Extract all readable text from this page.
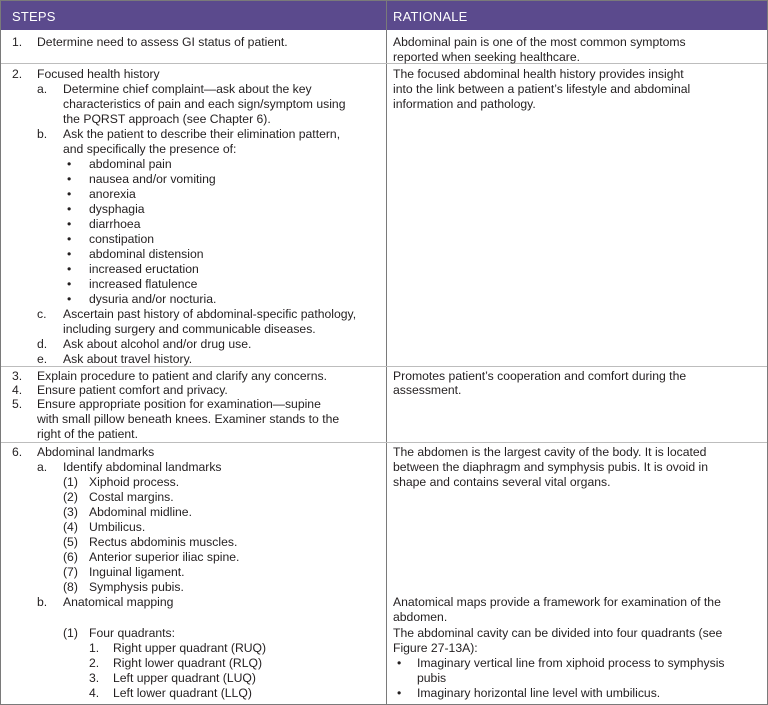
STEPS	RATIONALE
1. Determine need to assess GI status of patient.
2. Focused health history
a. Determine chief complaint—ask about the key
characteristics of pain and each sign/symptom using
the PQRST approach (see Chapter 6).
b. Ask the patient to describe their elimination pattern,
and specifically the presence of:
• abdominal pain
• nausea and/or vomiting
• anorexia
• dysphagia
• diarrhoea
• constipation
• abdominal distension
• increased eructation
• increased flatulence
• dysuria and/or nocturia.
c. Ascertain past history of abdominal-specific pathology,
including surgery and communicable diseases.
d. Ask about alcohol and/or drug use.
e. Ask about travel history.
3. Explain procedure to patient and clarify any concerns.
4. Ensure patient comfort and privacy.
5. Ensure appropriate position for examination—supine
with small pillow beneath knees. Examiner stands to the
right of the patient.
6. Abdominal landmarks
a. Identify abdominal landmarks
(1) Xiphoid process.
(2) Costal margins.
(3) Abdominal midline.
(4) Umbilicus.
(5) Rectus abdominis muscles.
(6) Anterior superior iliac spine.
(7) Inguinal ligament.
(8) Symphysis pubis.
b. Anatomical mapping
(1) Four quadrants:
1. Right upper quadrant (RUQ)
2. Right lower quadrant (RLQ)
3. Left upper quadrant (LUQ)
4. Left lower quadrant (LLQ)
Abdominal pain is one of the most common symptoms
reported when seeking healthcare.
The focused abdominal health history provides insight
into the link between a patient’s lifestyle and abdominal
information and pathology.
Promotes patient’s cooperation and comfort during the
assessment.
The abdomen is the largest cavity of the body. It is located
between the diaphragm and symphysis pubis. It is ovoid in
shape and contains several vital organs.
Anatomical maps provide a framework for examination of the
abdomen.
The abdominal cavity can be divided into four quadrants (see
Figure 27-13A):
• Imaginary vertical line from xiphoid process to symphysis
pubis
• Imaginary horizontal line level with umbilicus.
